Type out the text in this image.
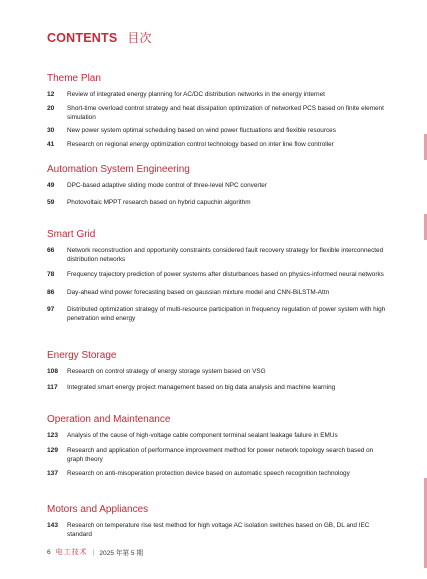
CONTENTS 目次
Theme Plan
12	Review of integrated energy planning for AC/DC distribution networks in the energy internet
20	Short-time overload control strategy and heat dissipation optimization of networked PCS based on finite element simulation
30	New power system optimal scheduling based on wind power fluctuations and flexible resources
41	Research on regional energy optimization control technology based on inter line flow controller
Automation System Engineering
49	DPC-based adaptive sliding mode control of three-level NPC converter
59	Photovoltaic MPPT research based on hybrid capuchin algorithm
Smart Grid
66	Network reconstruction and opportunity constraints considered fault recovery strategy for flexible interconnected distribution networks
78	Frequency trajectory prediction of power systems after disturbances based on physics-informed neural networks
86	Day-ahead wind power forecasting based on gaussian mixture model and CNN-BiLSTM-Attn
97	Distributed optimization strategy of multi-resource participation in frequency regulation of power system with high penetration wind energy
Energy Storage
108	Research on control strategy of energy storage system based on VSG
117	Integrated smart energy project management based on big data analysis and machine learning
Operation and Maintenance
123	Analysis of the cause of high-voltage cable component terminal sealant leakage failure in EMUs
129	Research and application of performance improvement method for power network topology search based on graph theory
137	Research on anti-misoperation protection device based on automatic speech recognition technology
Motors and Appliances
143	Research on temperature rise test method for high voltage AC isolation switches based on GB, DL and IEC standard
6 电工技术 | 2025 年第 5 期
